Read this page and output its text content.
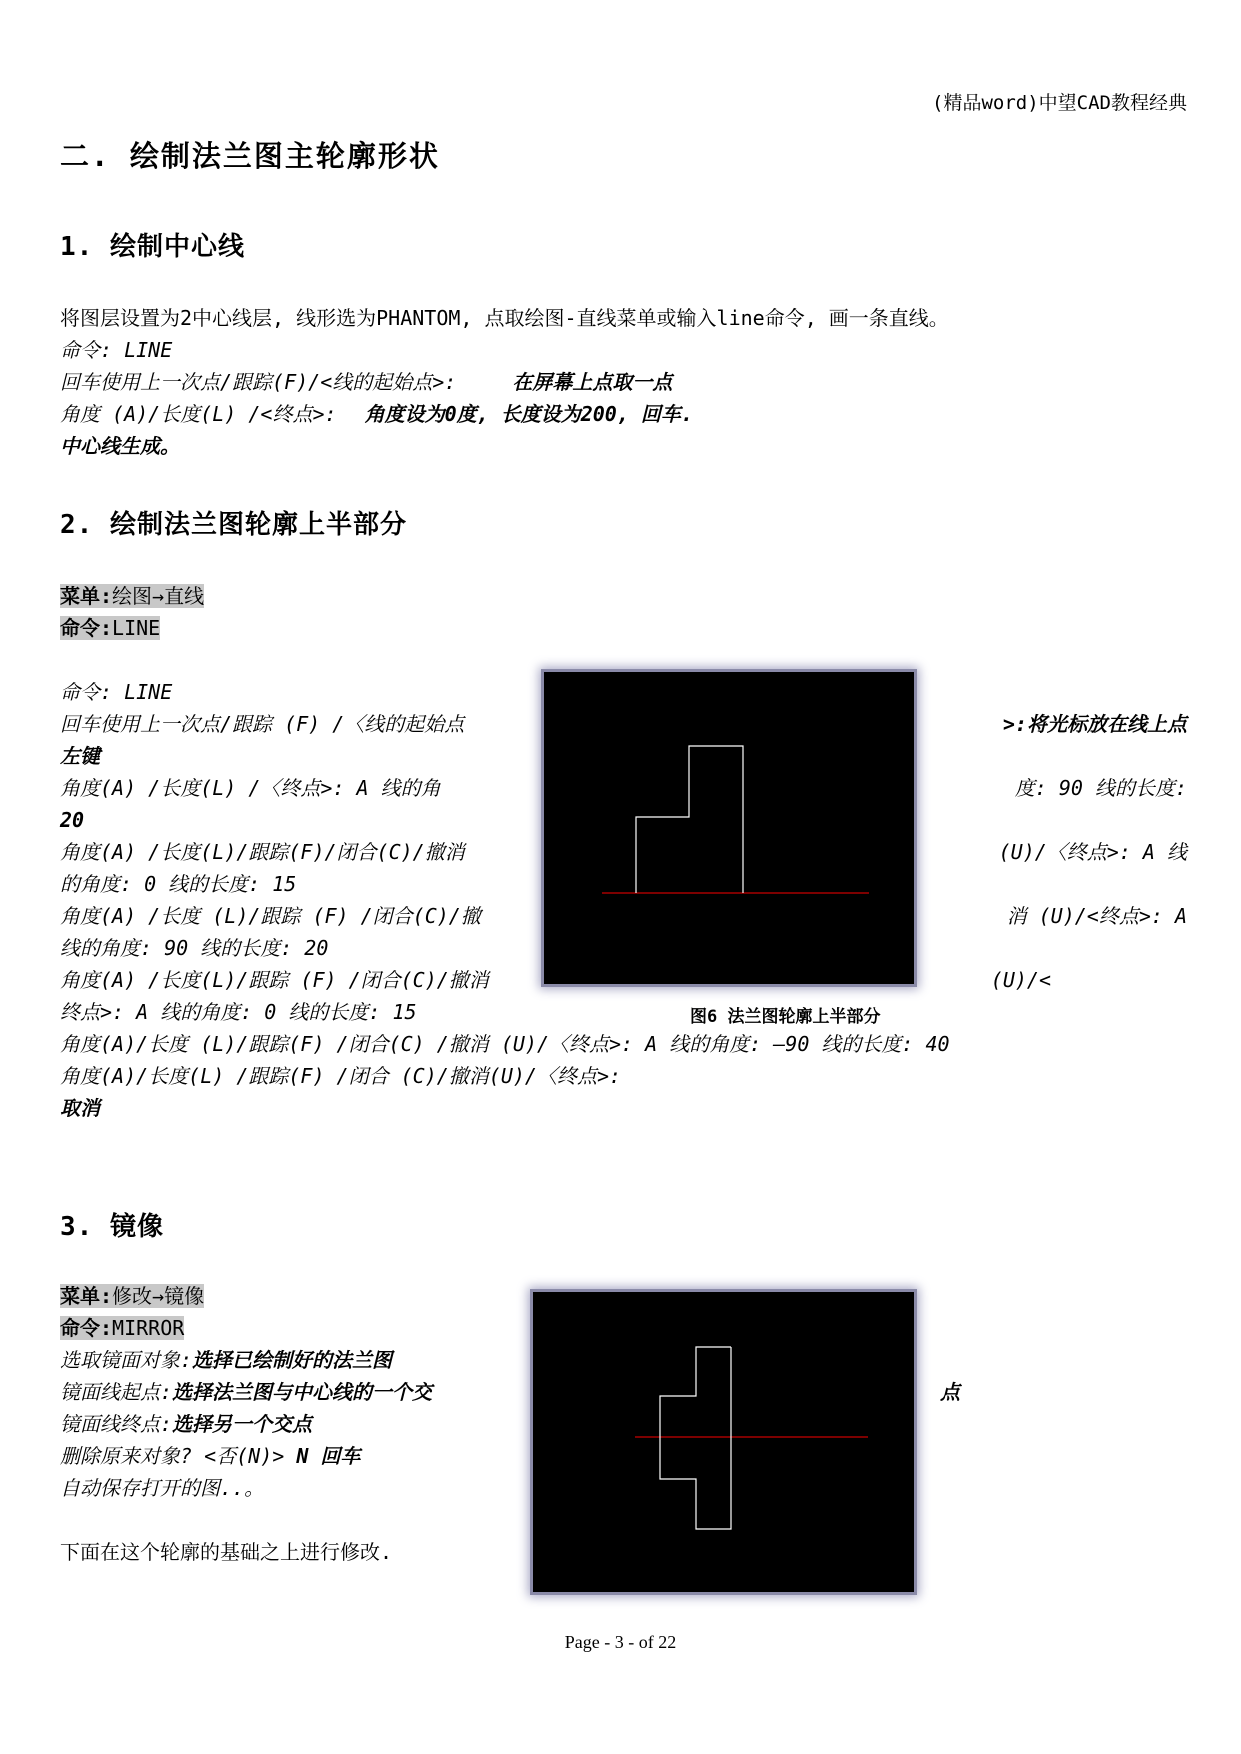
(精品word)中望CAD教程经典
二. 绘制法兰图主轮廓形状
1. 绘制中心线
将图层设置为2中心线层, 线形选为PHANTOM, 点取绘图-直线菜单或输入line命令, 画一条直线。
命令: LINE
回车使用上一次点/跟踪(F)/<线的起始点>:	在屏幕上点取一点
角度 (A)/长度(L) /<终点>: 角度设为0度, 长度设为200, 回车.
中心线生成。
2. 绘制法兰图轮廓上半部分
菜单:绘图→直线
命令:LINE
命令: LINE
回车使用上一次点/跟踪 (F) /〈线的起始点	>:将光标放在线上点
左键
角度(A) /长度(L) /〈终点>: A 线的角	度: 90 线的长度:
20
角度(A) /长度(L)/跟踪(F)/闭合(C)/撤消	(U)/〈终点>: A 线
的角度: 0 线的长度: 15
角度(A) /长度 (L)/跟踪 (F) /闭合(C)/撤	消 (U)/<终点>: A
线的角度: 90 线的长度: 20
角度(A) /长度(L)/跟踪 (F) /闭合(C)/撤消	(U)/<
终点>: A 线的角度: 0 线的长度: 15	图6 法兰图轮廓上半部分
角度(A)/长度 (L)/跟踪(F) /闭合(C) /撤消 (U)/〈终点>: A 线的角度: —90 线的长度: 40
角度(A)/长度(L) /跟踪(F) /闭合 (C)/撤消(U)/〈终点>:
取消
3. 镜像
菜单:修改→镜像
命令:MIRROR
选取镜面对象:选择已绘制好的法兰图
镜面线起点:选择法兰图与中心线的一个交	点
镜面线终点:选择另一个交点
删除原来对象? <否(N)> N 回车
自动保存打开的图..。
下面在这个轮廓的基础之上进行修改.
Page - 3 - of 22
